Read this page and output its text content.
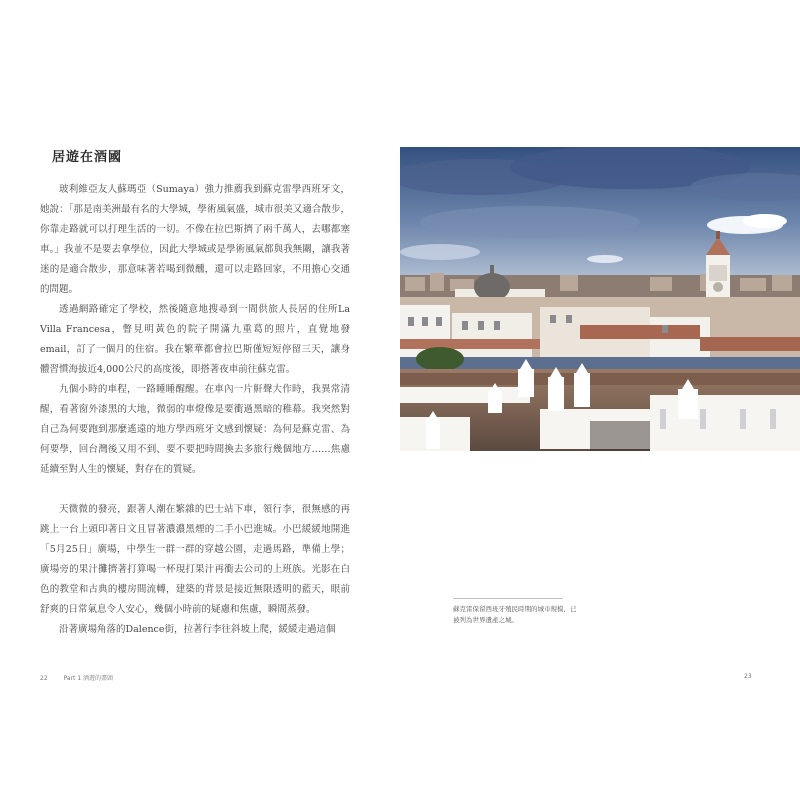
居遊在酒國

玻利維亞友人蘇瑪亞（Sumaya）強力推薦我到蘇克雷學西班牙文，她說：「那是南美洲最有名的大學城，學術風氣盛，城市很美又適合散步，你靠走路就可以打理生活的一切。不像在拉巴斯擠了兩千萬人，去哪都塞車。」我並不是要去拿學位，因此大學城或是學術風氣都與我無關，讓我著迷的是適合散步，那意味著若喝到微醺，還可以走路回家，不用擔心交通的問題。

透過網路確定了學校，然後隨意地搜尋到一間供旅人長居的住所La Villa Francesa，瞥見明黃色的院子開滿九重葛的照片，直覺地發email，訂了一個月的住宿。我在繁華都會拉巴斯僅短短停留三天，讓身體習慣海拔近4,000公尺的高度後，即搭著夜車前往蘇克雷。

九個小時的車程，一路睡睡醒醒。在車內一片鼾聲大作時，我異常清醒，看著窗外漆黑的大地，微弱的車燈像是要衝過黑暗的稚幕。我突然對自己為何要跑到那麼遙遠的地方學西班牙文感到懷疑：為何是蘇克雷、為何要學，回台灣後又用不到、要不要把時間換去多旅行幾個地方……焦慮延續至對人生的懷疑，對存在的質疑。

天微微的發亮，跟著人潮在繁雜的巴士站下車，領行李，很無感的再跳上一台上頭印著日文且冒著濃濃黑煙的二手小巴進城。小巴緩緩地開進「5月25日」廣場，中學生一群一群的穿越公園，走過馬路，準備上學；廣場旁的果汁攤擠著打算喝一杯現打果汁再衝去公司的上班族。光影在白色的教堂和古典的樓房間流轉，建築的背景是接近無限透明的藍天，眼前舒爽的日常氣息令人安心，幾個小時前的疑慮和焦慮，瞬間蒸發。

沿著廣場角落的Dalence街，拉著行李往斜坡上爬，緩緩走過這個

蘇克雷保留西班牙殖民時期的城市規模，已被列為世界遺產之城。
22	Part 1 酒遊的盡頭	23
